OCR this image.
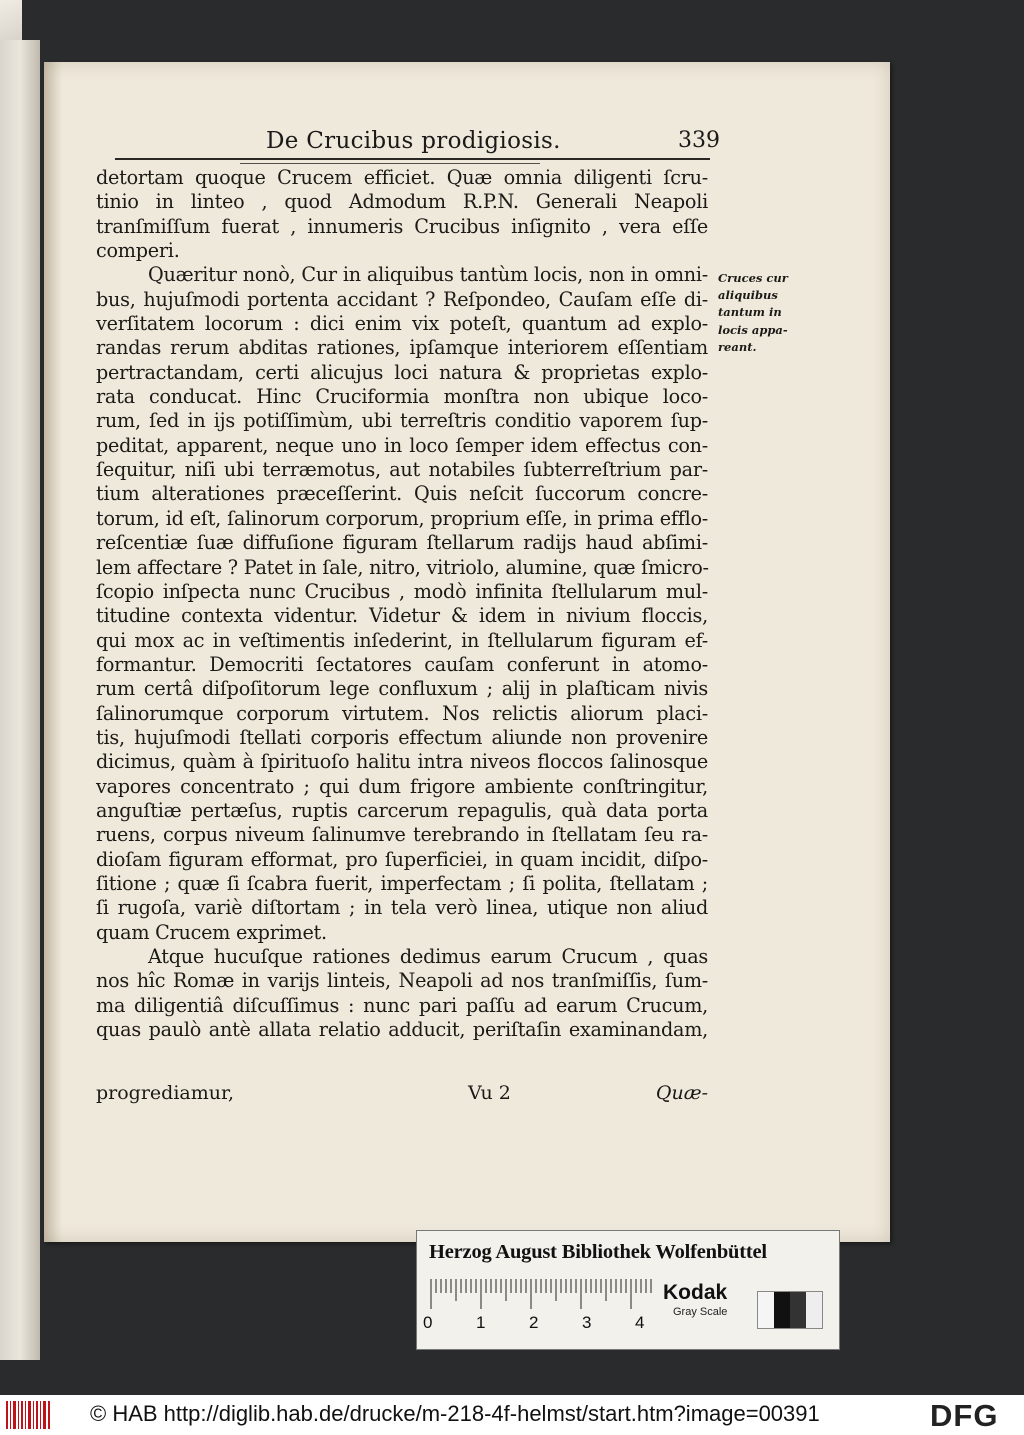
De Crucibus prodigiosis.	339
detortam quoque Crucem efficiet. Quæ omnia diligenti ſcru-
tinio in linteo , quod Admodum R.P.N. Generali Neapoli
tranſmiſſum fuerat , innumeris Crucibus inſignito , vera eſſe
comperi.
Quæritur nonò, Cur in aliquibus tantùm locis, non in omni-
bus, hujuſmodi portenta accidant ? Reſpondeo, Cauſam eſſe di-
verſitatem locorum : dici enim vix poteſt, quantum ad explo-
randas rerum abditas rationes, ipſamque interiorem eſſentiam
pertractandam, certi alicujus loci natura & proprietas explo-
rata conducat. Hinc Cruciformia monſtra non ubique loco-
rum, ſed in ijs potiſſimùm, ubi terreſtris conditio vaporem ſup-
peditat, apparent, neque uno in loco ſemper idem effectus con-
ſequitur, niſi ubi terræmotus, aut notabiles ſubterreſtrium par-
tium alterationes præceſſerint. Quis neſcit ſuccorum concre-
torum, id eſt, ſalinorum corporum, proprium eſſe, in prima efflo-
reſcentiæ ſuæ diffuſione figuram ſtellarum radijs haud abſimi-
lem affectare ? Patet in ſale, nitro, vitriolo, alumine, quæ ſmicro-
ſcopio inſpecta nunc Crucibus , modò infinita ſtellularum mul-
titudine contexta videntur. Videtur & idem in nivium floccis,
qui mox ac in veſtimentis inſederint, in ſtellularum figuram ef-
formantur. Democriti ſectatores cauſam conferunt in atomo-
rum certâ diſpoſitorum lege confluxum ; alij in plaſticam nivis
ſalinorumque corporum virtutem. Nos relictis aliorum placi-
tis, hujuſmodi ſtellati corporis effectum aliunde non provenire
dicimus, quàm à ſpirituoſo halitu intra niveos floccos ſalinosque
vapores concentrato ; qui dum frigore ambiente conſtringitur,
anguſtiæ pertæſus, ruptis carcerum repagulis, quà data porta
ruens, corpus niveum ſalinumve terebrando in ſtellatam ſeu ra-
dioſam figuram efformat, pro ſuperficiei, in quam incidit, diſpo-
ſitione ; quæ ſi ſcabra fuerit, imperfectam ; ſi polita, ſtellatam ;
ſi rugoſa, variè diſtortam ; in tela verò linea, utique non aliud
quam Crucem exprimet.
Atque hucuſque rationes dedimus earum Crucum , quas
nos hîc Romæ in varijs linteis, Neapoli ad nos tranſmiſſis, ſum-
ma diligentiâ diſcuſſimus : nunc pari paſſu ad earum Crucum,
quas paulò antè allata relatio adducit, periſtaſin examinandam,
Cruces cur
aliquibus
tantum in
locis appa-
reant.
progrediamur,	Vu 2	Quæ-
Herzog August Bibliothek Wolfenbüttel
0	1	2	3	4
Kodak
Gray Scale
© HAB http://diglib.hab.de/drucke/m-218-4f-helmst/start.htm?image=00391	DFG
